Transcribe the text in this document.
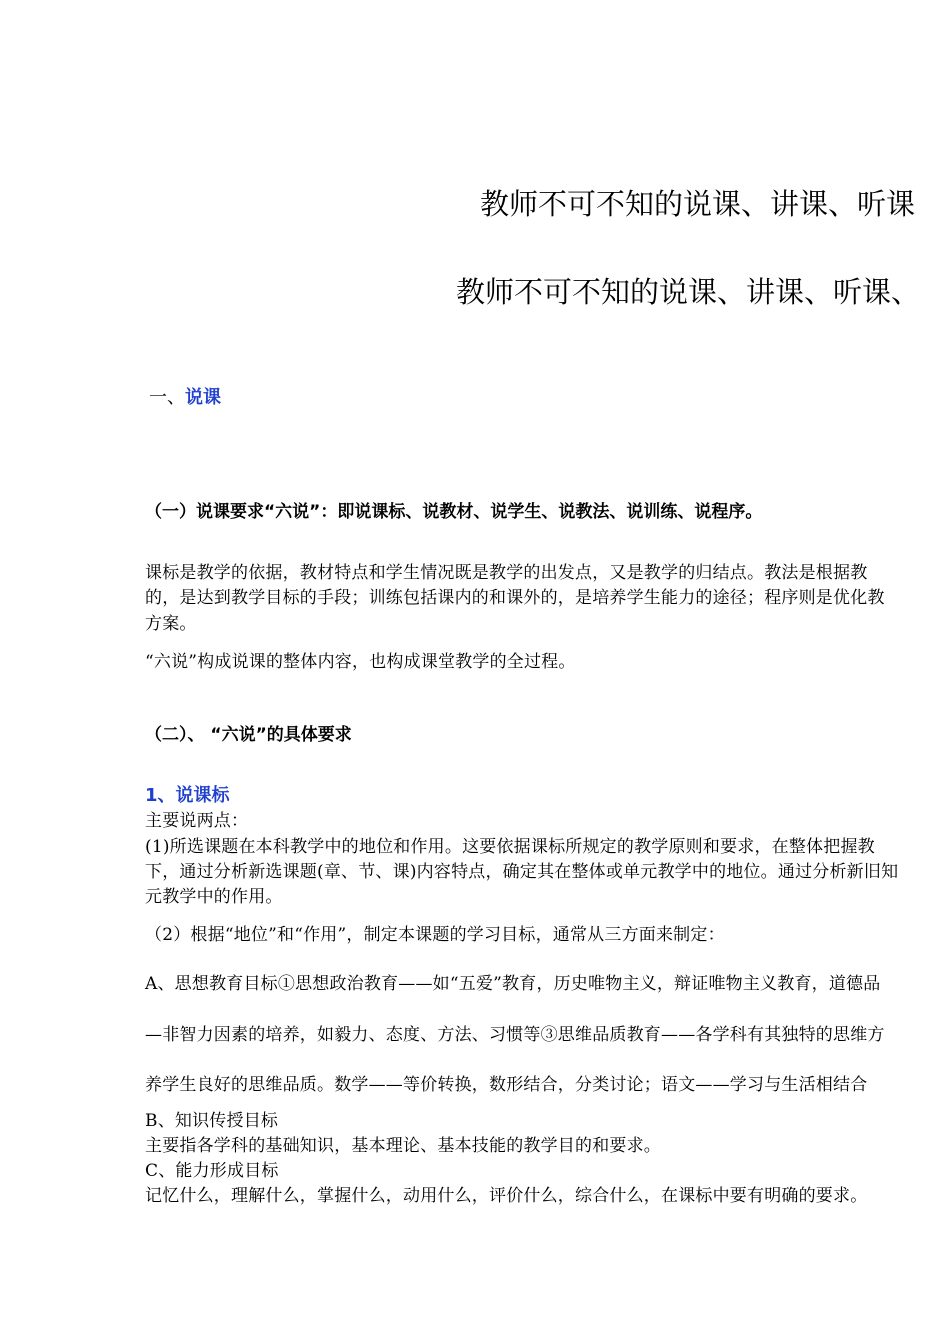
教师不可不知的说课、讲课、听课

教师不可不知的说课、讲课、听课、

一、说课

（一）说课要求“六说”：即说课标、说教材、说学生、说教法、说训练、说程序。

课标是教学的依据，教材特点和学生情况既是教学的出发点，又是教学的归结点。教法是根据教

的，是达到教学目标的手段；训练包括课内的和课外的，是培养学生能力的途径；程序则是优化教

方案。

“六说”构成说课的整体内容，也构成课堂教学的全过程。

（二）、 “六说”的具体要求

1、说课标

主要说两点：

(1)所选课题在本科教学中的地位和作用。这要依据课标所规定的教学原则和要求，在整体把握教

下，通过分析新选课题(章、节、课)内容特点，确定其在整体或单元教学中的地位。通过分析新旧知

元教学中的作用。

（2）根据“地位”和“作用”，制定本课题的学习目标，通常从三方面来制定：

A、思想教育目标①思想政治教育——如“五爱”教育，历史唯物主义，辩证唯物主义教育，道德品

—非智力因素的培养，如毅力、态度、方法、习惯等③思维品质教育——各学科有其独特的思维方

养学生良好的思维品质。数学——等价转换，数形结合，分类讨论；语文——学习与生活相结合

B、知识传授目标

主要指各学科的基础知识，基本理论、基本技能的教学目的和要求。

C、能力形成目标

记忆什么，理解什么，掌握什么，动用什么，评价什么，综合什么，在课标中要有明确的要求。
